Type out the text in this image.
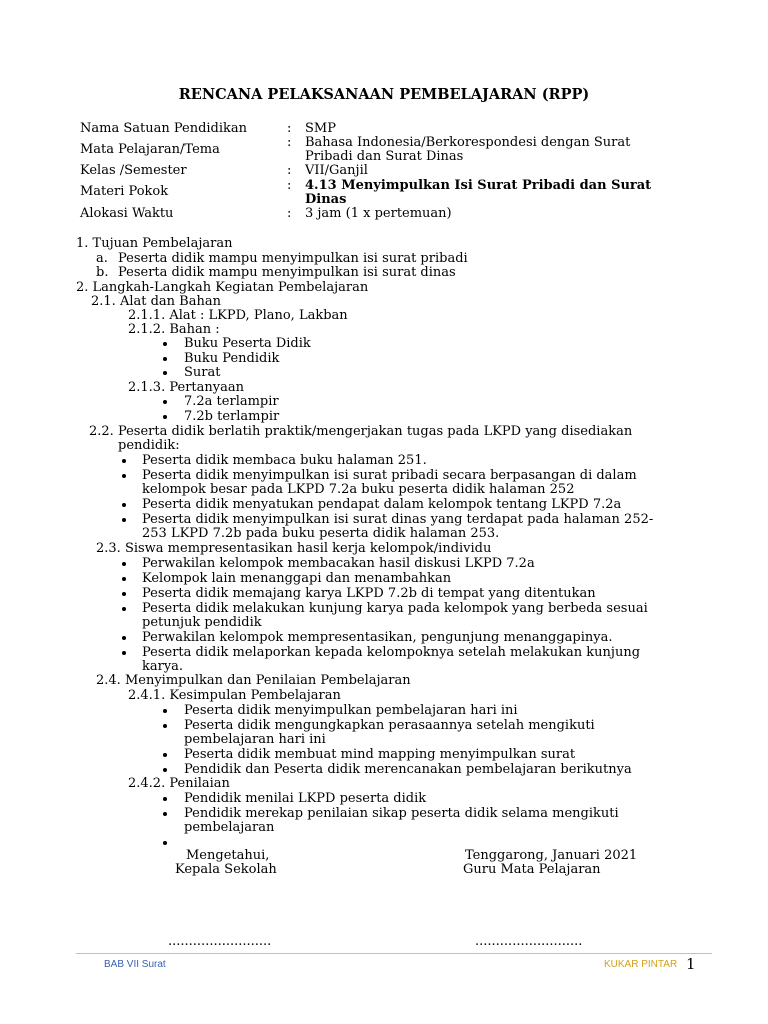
RENCANA PELAKSANAAN PEMBELAJARAN (RPP)
Nama Satuan Pendidikan	: SMP
Mata Pelajaran/Tema	: Bahasa Indonesia/Berkorespondesi dengan Surat
Pribadi dan Surat Dinas
Kelas /Semester	: VII/Ganjil
Materi Pokok	: 4.13 Menyimpulkan Isi Surat Pribadi dan Surat
Dinas
Alokasi Waktu	: 3 jam (1 x pertemuan)
1. Tujuan Pembelajaran
a. Peserta didik mampu menyimpulkan isi surat pribadi
b. Peserta didik mampu menyimpulkan isi surat dinas
2. Langkah-Langkah Kegiatan Pembelajaran
2.1. Alat dan Bahan
2.1.1. Alat : LKPD, Plano, Lakban
2.1.2. Bahan :
Buku Peserta Didik
Buku Pendidik
Surat
2.1.3. Pertanyaan
7.2a terlampir
7.2b terlampir
2.2. Peserta didik berlatih praktik/mengerjakan tugas pada LKPD yang disediakan
pendidik:
Peserta didik membaca buku halaman 251.
Peserta didik menyimpulkan isi surat pribadi secara berpasangan di dalam
kelompok besar pada LKPD 7.2a buku peserta didik halaman 252
Peserta didik menyatukan pendapat dalam kelompok tentang LKPD 7.2a
Peserta didik menyimpulkan isi surat dinas yang terdapat pada halaman 252-
253 LKPD 7.2b pada buku peserta didik halaman 253.
2.3. Siswa mempresentasikan hasil kerja kelompok/individu
Perwakilan kelompok membacakan hasil diskusi LKPD 7.2a
Kelompok lain menanggapi dan menambahkan
Peserta didik memajang karya LKPD 7.2b di tempat yang ditentukan
Peserta didik melakukan kunjung karya pada kelompok yang berbeda sesuai
petunjuk pendidik
Perwakilan kelompok mempresentasikan, pengunjung menanggapinya.
Peserta didik melaporkan kepada kelompoknya setelah melakukan kunjung
karya.
2.4. Menyimpulkan dan Penilaian Pembelajaran
2.4.1. Kesimpulan Pembelajaran
Peserta didik menyimpulkan pembelajaran hari ini
Peserta didik mengungkapkan perasaannya setelah mengikuti
pembelajaran hari ini
Peserta didik membuat mind mapping menyimpulkan surat
Pendidik dan Peserta didik merencanakan pembelajaran berikutnya
2.4.2. Penilaian
Pendidik menilai LKPD peserta didik
Pendidik merekap penilaian sikap peserta didik selama mengikuti
pembelajaran
Mengetahui,
Kepala Sekolah
Tenggarong, Januari 2021
Guru Mata Pelajaran
.........................	..........................
BAB VII Surat	KUKAR PINTAR 1
